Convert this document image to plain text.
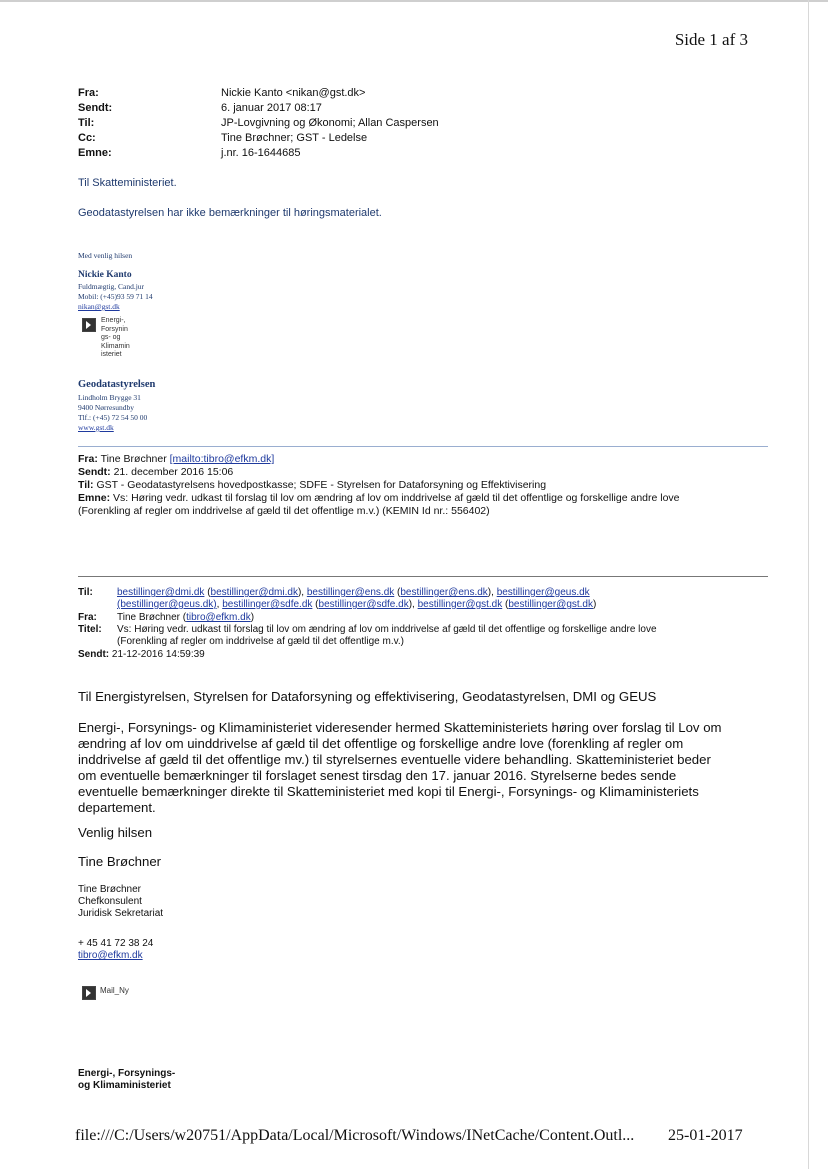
Side 1 af 3
Fra:	Nickie Kanto <nikan@gst.dk>
Sendt:	6. januar 2017 08:17
Til:	JP-Lovgivning og Økonomi; Allan Caspersen
Cc:	Tine Brøchner; GST - Ledelse
Emne:	j.nr. 16-1644685
Til Skatteministeriet.
Geodatastyrelsen har ikke bemærkninger til høringsmaterialet.
Med venlig hilsen
Nickie Kanto
Fuldmægtig, Cand.jur
Mobil: (+45)93 59 71 14
nikan@gst.dk
Energi-,
Forsynin
gs- og
Klimamin
isteriet
Geodatastyrelsen
Lindholm Brygge 31
9400 Nørresundby
Tlf.: (+45) 72 54 50 00
www.gst.dk
Fra: Tine Brøchner [mailto:tibro@efkm.dk]
Sendt: 21. december 2016 15:06
Til: GST - Geodatastyrelsens hovedpostkasse; SDFE - Styrelsen for Dataforsyning og Effektivisering
Emne: Vs: Høring vedr. udkast til forslag til lov om ændring af lov om inddrivelse af gæld til det offentlige og forskellige andre love
(Forenkling af regler om inddrivelse af gæld til det offentlige m.v.) (KEMIN Id nr.: 556402)
Til: bestillinger@dmi.dk (bestillinger@dmi.dk), bestillinger@ens.dk (bestillinger@ens.dk), bestillinger@geus.dk
(bestillinger@geus.dk), bestillinger@sdfe.dk (bestillinger@sdfe.dk), bestillinger@gst.dk (bestillinger@gst.dk)
Fra: Tine Brøchner (tibro@efkm.dk)
Titel: Vs: Høring vedr. udkast til forslag til lov om ændring af lov om inddrivelse af gæld til det offentlige og forskellige andre love
(Forenkling af regler om inddrivelse af gæld til det offentlige m.v.)
Sendt: 21-12-2016 14:59:39
Til Energistyrelsen, Styrelsen for Dataforsyning og effektivisering, Geodatastyrelsen, DMI og GEUS
Energi-, Forsynings- og Klimaministeriet videresender hermed Skatteministeriets høring over forslag til Lov om
ændring af lov om uinddrivelse af gæld til det offentlige og forskellige andre love (forenkling af regler om
inddrivelse af gæld til det offentlige mv.) til styrelsernes eventuelle videre behandling. Skatteministeriet beder
om eventuelle bemærkninger til forslaget senest tirsdag den 17. januar 2016. Styrelserne bedes sende
eventuelle bemærkninger direkte til Skatteministeriet med kopi til Energi-, Forsynings- og Klimaministeriets
departement.
Venlig hilsen
Tine Brøchner
Tine Brøchner
Chefkonsulent
Juridisk Sekretariat
+ 45 41 72 38 24
tibro@efkm.dk
Mail_Ny
Energi-, Forsynings-
og Klimaministeriet
file:///C:/Users/w20751/AppData/Local/Microsoft/Windows/INetCache/Content.Outl... 25-01-2017
